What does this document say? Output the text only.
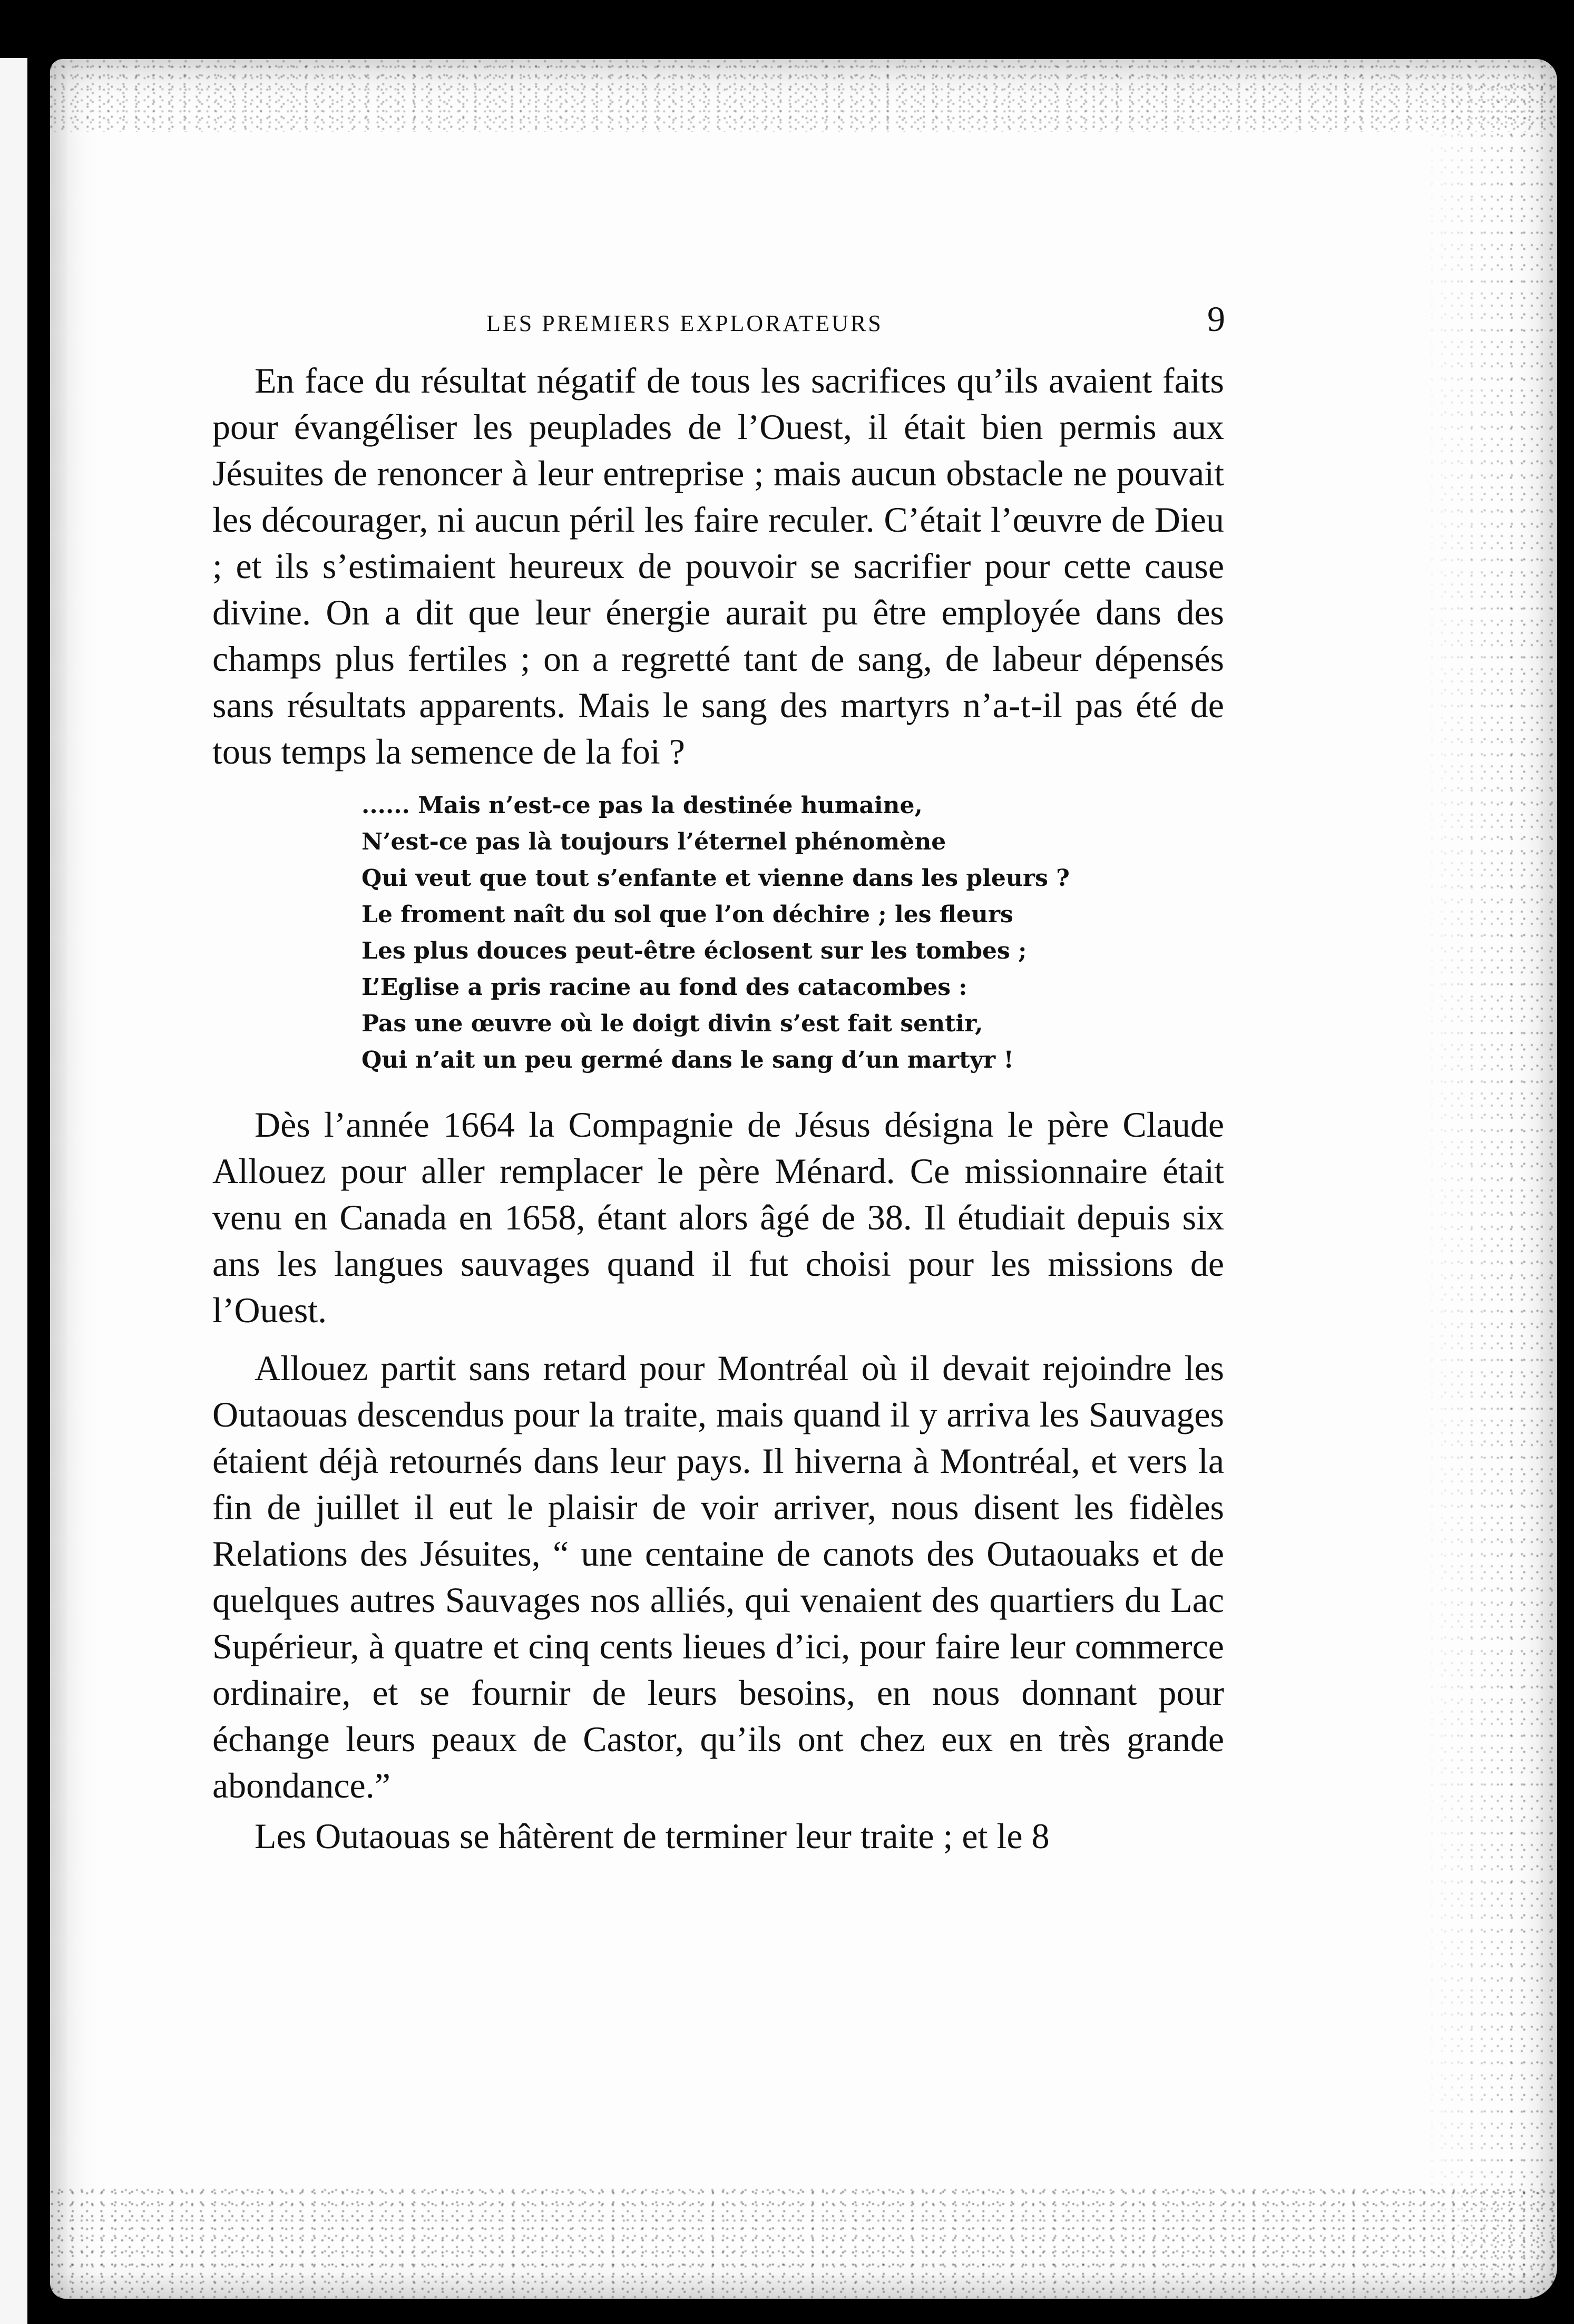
LES PREMIERS EXPLORATEURS	9

En face du résultat négatif de tous les sacrifices qu’ils avaient faits pour évangéliser les peuplades de l’Ouest, il était bien permis aux Jésuites de renoncer à leur entreprise ; mais aucun obstacle ne pouvait les décourager, ni aucun péril les faire reculer. C’était l’œuvre de Dieu ; et ils s’estimaient heureux de pouvoir se sacrifier pour cette cause divine. On a dit que leur énergie aurait pu être employée dans des champs plus fertiles ; on a regretté tant de sang, de labeur dépensés sans résultats apparents. Mais le sang des martyrs n’a-t-il pas été de tous temps la semence de la foi ?

...... Mais n’est-ce pas la destinée humaine,
N’est-ce pas là toujours l’éternel phénomène
Qui veut que tout s’enfante et vienne dans les pleurs ?
Le froment naît du sol que l’on déchire ; les fleurs
Les plus douces peut-être éclosent sur les tombes ;
L’Eglise a pris racine au fond des catacombes :
Pas une œuvre où le doigt divin s’est fait sentir,
Qui n’ait un peu germé dans le sang d’un martyr !

Dès l’année 1664 la Compagnie de Jésus désigna le père Claude Allouez pour aller remplacer le père Ménard. Ce missionnaire était venu en Canada en 1658, étant alors âgé de 38. Il étudiait depuis six ans les langues sauvages quand il fut choisi pour les missions de l’Ouest.

Allouez partit sans retard pour Montréal où il devait rejoindre les Outaouas descendus pour la traite, mais quand il y arriva les Sauvages étaient déjà retournés dans leur pays. Il hiverna à Montréal, et vers la fin de juillet il eut le plaisir de voir arriver, nous disent les fidèles Relations des Jésuites, “ une centaine de canots des Outaouaks et de quelques autres Sauvages nos alliés, qui venaient des quartiers du Lac Supérieur, à quatre et cinq cents lieues d’ici, pour faire leur commerce ordinaire, et se fournir de leurs besoins, en nous donnant pour échange leurs peaux de Castor, qu’ils ont chez eux en très grande abondance.”

Les Outaouas se hâtèrent de terminer leur traite ; et le 8
